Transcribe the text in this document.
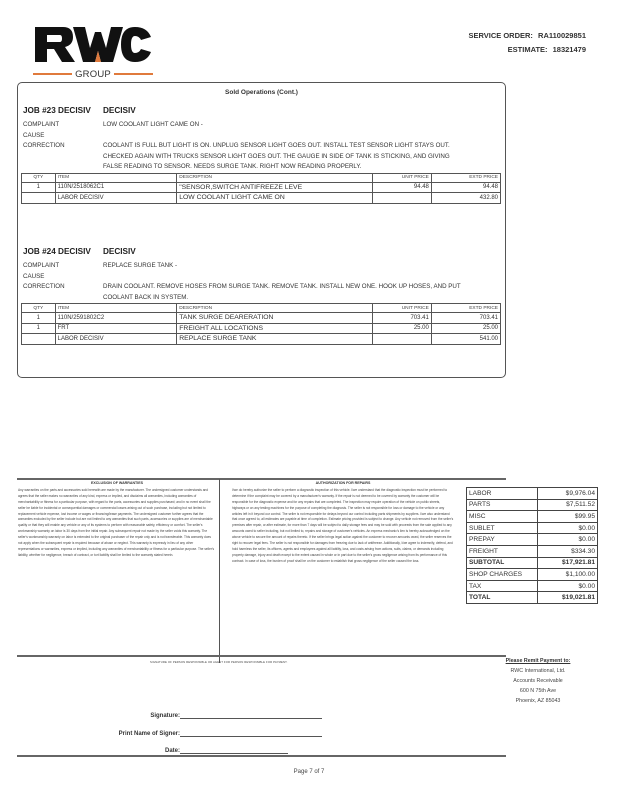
GROUP
SERVICE ORDER: RA110029851
ESTIMATE: 18321479
Sold Operations (Cont.)
JOB #23 DECISIV	DECISIV
COMPLAINT	LOW COOLANT LIGHT CAME ON -
CAUSE
CORRECTION	COOLANT IS FULL BUT LIGHT IS ON. UNPLUG SENSOR LIGHT GOES OUT. INSTALL TEST SENSOR LIGHT STAYS OUT. CHECKED AGAIN WITH TRUCKS SENSOR LIGHT GOES OUT. THE GAUGE IN SIDE OF TANK IS STICKING, AND GIVING FALSE READING TO SENSOR. NEEDS SURGE TANK. RIGHT NOW READING PROPERLY.
QTY	ITEM	DESCRIPTION	UNIT PRICE	EXTD PRICE
1	110N/2518062C1	"SENSOR,SWITCH ANTIFREEZE LEVE	94.48	94.48
	LABOR DECISIV	LOW COOLANT LIGHT CAME ON		432.80
JOB #24 DECISIV	DECISIV
COMPLAINT	REPLACE SURGE TANK -
CAUSE
CORRECTION	DRAIN COOLANT. REMOVE HOSES FROM SURGE TANK. REMOVE TANK. INSTALL NEW ONE. HOOK UP HOSES, AND PUT COOLANT BACK IN SYSTEM.
QTY	ITEM	DESCRIPTION	UNIT PRICE	EXTD PRICE
1	110N/2591802C2	TANK SURGE DEARERATION	703.41	703.41
1	FRT	FREIGHT ALL LOCATIONS	25.00	25.00
	LABOR DECISIV	REPLACE SURGE TANK		541.00
EXCLUSION OF WARRANTIES
Any warranties on the parts and accessories sold herewith are made by the manufacturer. The undersigned customer understands and agrees that the seller makes no warranties of any kind, express or implied, and disclaims all warranties, including warranties of merchantability or fitness for a particular purpose, with regard to the parts, accessories and supplies purchased; and in no event shall the seller be liable for incidental or consequential damages or commercial losses arising out of such purchase, including but not limited to replacement vehicle expense, lost income or wages or financing/lease payments. The undersigned customer further agrees that the warranties excluded by the seller include but are not limited to any warranties that such parts, accessories or supplies are of merchantable quality or that they will enable any vehicle or any of its systems to perform with reasonable safety, efficiency or comfort. The seller's workmanship warranty on labor is 30 days from the initial repair. Any subsequent repair not made by the seller voids this warranty. The seller's workmanship warranty on labor is extended to the original purchaser of the repair only and is not transferable. This warranty does not apply when the subsequent repair is required because of abuse or neglect. This warranty is expressly in lieu of any other representations or warranties, express or implied, including any warranties of merchantability or fitness for a particular purpose. The seller's liability, whether for negligence, breach of contract, or tort liability shall be limited to the warranty stated herein.
AUTHORIZATION FOR REPAIRS
I/we do hereby authorize the seller to perform a diagnostic inspection of this vehicle. I/we understand that the diagnostic inspection must be performed to determine if the complaint may be covered by a manufacturer's warranty. If the repair is not deemed to be covered by warranty the customer will be responsible for the diagnostic expense and for any repairs that are completed. The inspection may require operation of the vehicle on public streets, highways or on any testing machines for the purpose of completing the diagnosis. The seller is not responsible for loss or damage to the vehicle or any articles left in it beyond our control. The seller is not responsible for delays beyond our control including parts shipments by suppliers. I/we also understand that once agreed to, all estimates are payable at time of completion. Estimate pricing provided is subject to change. Any vehicle not removed from the seller's premises after repair, or after estimate, for more than 7 days will be subject to daily storage fees and may be sold with proceeds from the sale applied to any amounts owed to seller including, but not limited to, repairs and storage of customer's vehicles. An express mechanic's lien is hereby acknowledged on the above vehicle to secure the amount of repairs thereto. If the seller brings legal action against the customer to recover amounts owed, the seller reserves the right to recover legal fees. The seller is not responsible for damages from freezing due to lack of antifreeze. Additionally, I/we agree to indemnify, defend, and hold harmless the seller, its officers, agents and employees against all liability, loss, and costs arising from actions, suits, claims, or demands including property damage, injury and death except to the extent caused in whole or in part due to the seller's gross negligence arising from its performance of this contract. In case of loss, the burden of proof shall be on the customer to establish that gross negligence of the seller caused the loss.
LABOR	$9,976.04
PARTS	$7,511.52
MISC	$99.95
SUBLET	$0.00
PREPAY	$0.00
FREIGHT	$334.30
SUBTOTAL	$17,921.81
SHOP CHARGES	$1,100.00
TAX	$0.00
TOTAL	$19,021.81
SIGNATURE OF PERSON RESPONSIBLE OR AGENT FOR PERSON RESPONSIBLE FOR PAYMENT.
Signature:
Print Name of Signer:
Date:
Please Remit Payment to:
RWC International, Ltd.
Accounts Receivable
600 N 75th Ave
Phoenix, AZ 85043
Page 7 of 7
